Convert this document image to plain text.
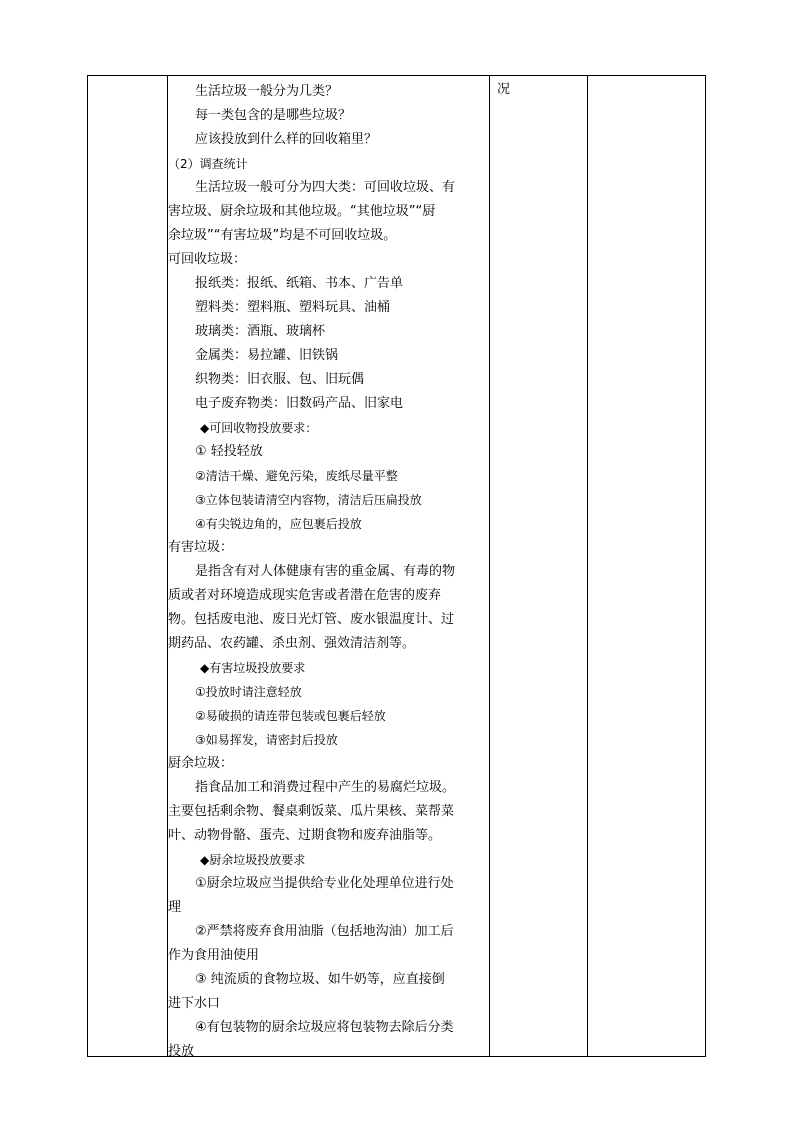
生活垃圾一般分为几类？
每一类包含的是哪些垃圾？
应该投放到什么样的回收箱里？
（2）调查统计
生活垃圾一般可分为四大类：可回收垃圾、有
害垃圾、厨余垃圾和其他垃圾。“其他垃圾”“厨
余垃圾”“有害垃圾”均是不可回收垃圾。
可回收垃圾：
报纸类：报纸、纸箱、书本、广告单
塑料类：塑料瓶、塑料玩具、油桶
玻璃类：酒瓶、玻璃杯
金属类：易拉罐、旧铁锅
织物类：旧衣服、包、旧玩偶
电子废弃物类：旧数码产品、旧家电
◆可回收物投放要求：
① 轻投轻放
②清洁干燥、避免污染，废纸尽量平整
③立体包装请清空内容物，清洁后压扁投放
④有尖锐边角的，应包裹后投放
有害垃圾：
是指含有对人体健康有害的重金属、有毒的物
质或者对环境造成现实危害或者潜在危害的废弃
物。包括废电池、废日光灯管、废水银温度计、过
期药品、农药罐、杀虫剂、强效清洁剂等。
◆有害垃圾投放要求
①投放时请注意轻放
②易破损的请连带包装或包裹后轻放
③如易挥发，请密封后投放
厨余垃圾：
指食品加工和消费过程中产生的易腐烂垃圾。
主要包括剩余物、餐桌剩饭菜、瓜片果核、菜帮菜
叶、动物骨骼、蛋壳、过期食物和废弃油脂等。
◆厨余垃圾投放要求
①厨余垃圾应当提供给专业化处理单位进行处
理
②严禁将废弃食用油脂（包括地沟油）加工后
作为食用油使用
③ 纯流质的食物垃圾、如牛奶等，应直接倒
进下水口
④有包装物的厨余垃圾应将包装物去除后分类
投放
况
